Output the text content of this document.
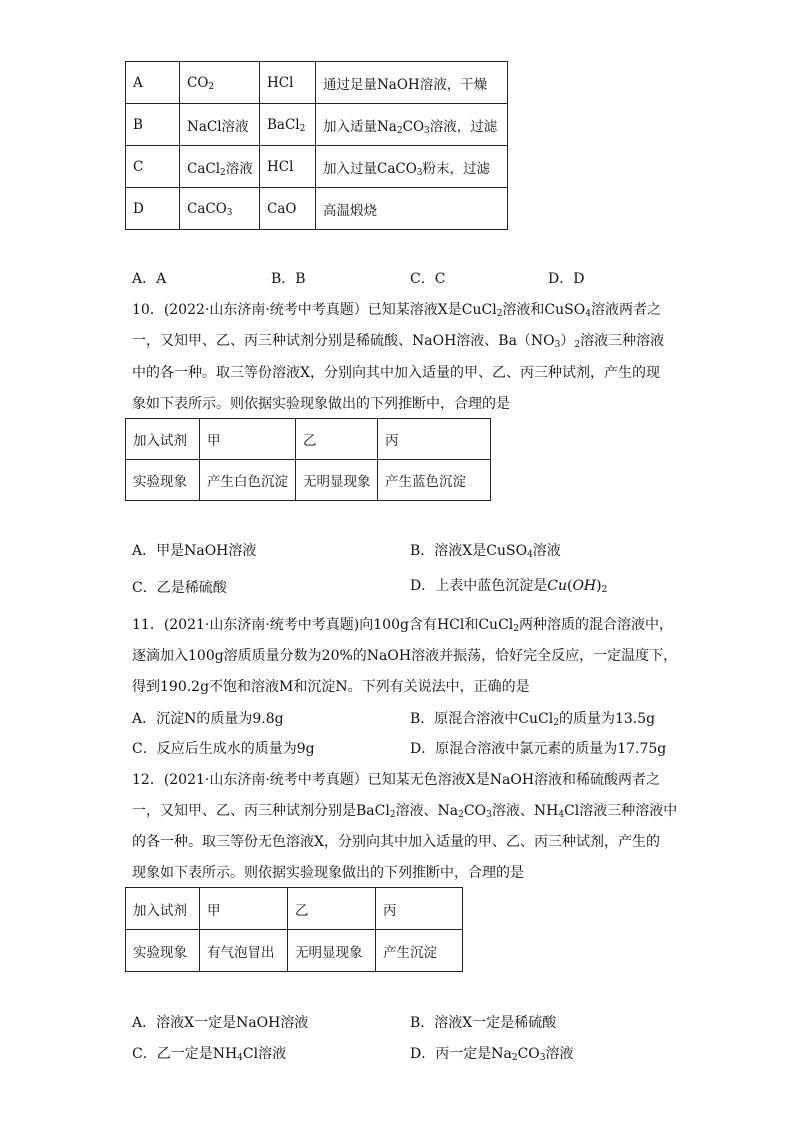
A	$CO_2$	HCl	通过足量NaOH溶液，干燥
B	NaCl溶液	BaCl$_2$	加入适量$Na_2CO_3$溶液，过滤
C	CaCl$_2$溶液	HCl	加入过量CaCO$_3$粉末，过滤
D	CaCO$_3$	CaO	高温煅烧
A．A	B．B	C．C	D．D
10．(2022·山东济南·统考中考真题）已知某溶液X是CuCl$_2$溶液和CuSO$_4$溶液两者之
一，又知甲、乙、丙三种试剂分别是稀硫酸、NaOH溶液、$Ba(NO_3)_2$溶液三种溶液
中的各一种。取三等份溶液X，分别向其中加入适量的甲、乙、丙三种试剂，产生的现
象如下表所示。则依据实验现象做出的下列推断中，合理的是
加入试剂	甲	乙	丙
实验现象	产生白色沉淀	无明显现象	产生蓝色沉淀
A．甲是NaOH溶液	B．溶液X是CuSO$_4$溶液
C．乙是稀硫酸	D．上表中蓝色沉淀是$Cu(OH)_2$
11．(2021·山东济南·统考中考真题)向100g含有HCl和CuCl$_2$两种溶质的混合溶液中，
逐滴加入100g溶质质量分数为20%的NaOH溶液并振荡，恰好完全反应，一定温度下，
得到190.2g不饱和溶液M和沉淀N。下列有关说法中，正确的是
A．沉淀N的质量为9.8g	B．原混合溶液中CuCl$_2$的质量为13.5g
C．反应后生成水的质量为9g	D．原混合溶液中氯元素的质量为17.75g
12．(2021·山东济南·统考中考真题）已知某无色溶液X是NaOH溶液和稀硫酸两者之
一，又知甲、乙、丙三种试剂分别是BaCl$_2$溶液、$Na_2CO_3$溶液、$NH_4Cl$溶液三种溶液中
的各一种。取三等份无色溶液X，分别向其中加入适量的甲、乙、丙三种试剂，产生的
现象如下表所示。则依据实验现象做出的下列推断中，合理的是
加入试剂	甲	乙	丙
实验现象	有气泡冒出	无明显现象	产生沉淀
A．溶液X一定是NaOH溶液	B．溶液X一定是稀硫酸
C．乙一定是$NH_4Cl$溶液	D．丙一定是$Na_2CO_3$溶液
